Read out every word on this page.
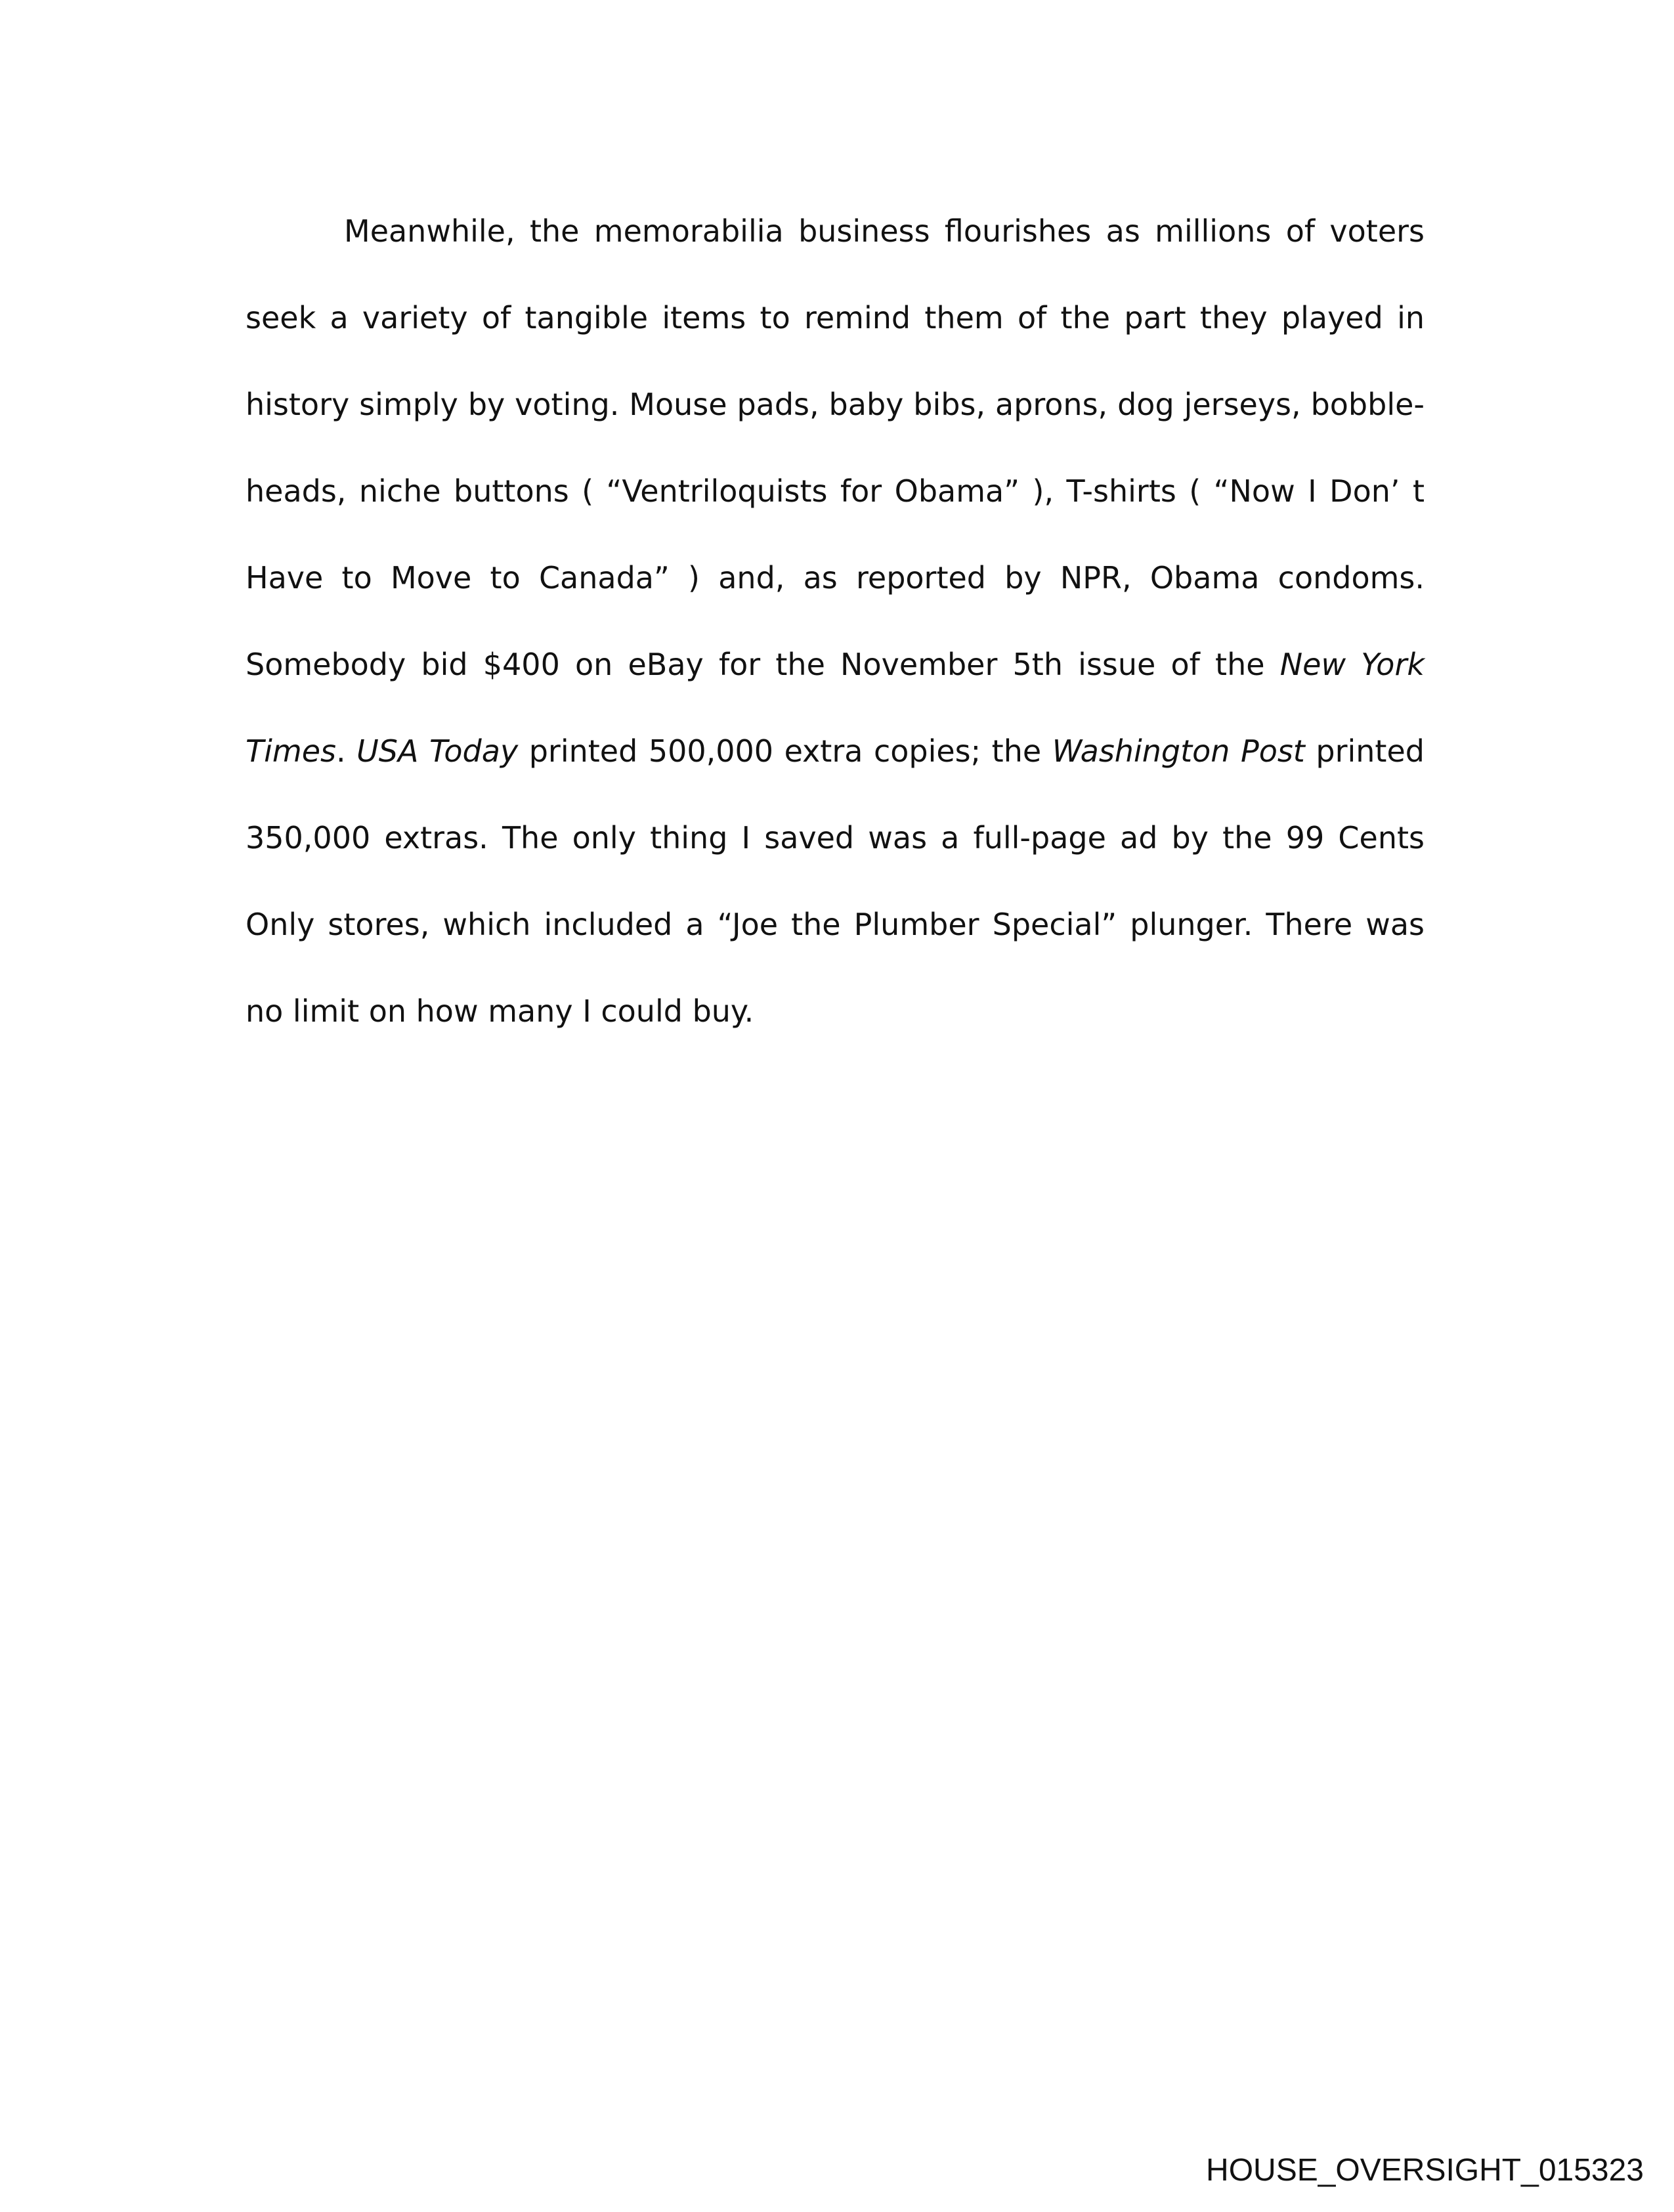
Meanwhile, the memorabilia business flourishes as millions of voters seek a variety of tangible items to remind them of the part they played in history simply by voting. Mouse pads, baby bibs, aprons, dog jerseys, bobble-heads, niche buttons ( “Ventriloquists for Obama” ), T-shirts ( “Now I Don’ t Have to Move to Canada” ) and, as reported by NPR, Obama condoms. Somebody bid $400 on eBay for the November 5th issue of the New York Times. USA Today printed 500,000 extra copies; the Washington Post printed 350,000 extras. The only thing I saved was a full-page ad by the 99 Cents Only stores, which included a “Joe the Plumber Special” plunger. There was no limit on how many I could buy.

HOUSE_OVERSIGHT_015323
